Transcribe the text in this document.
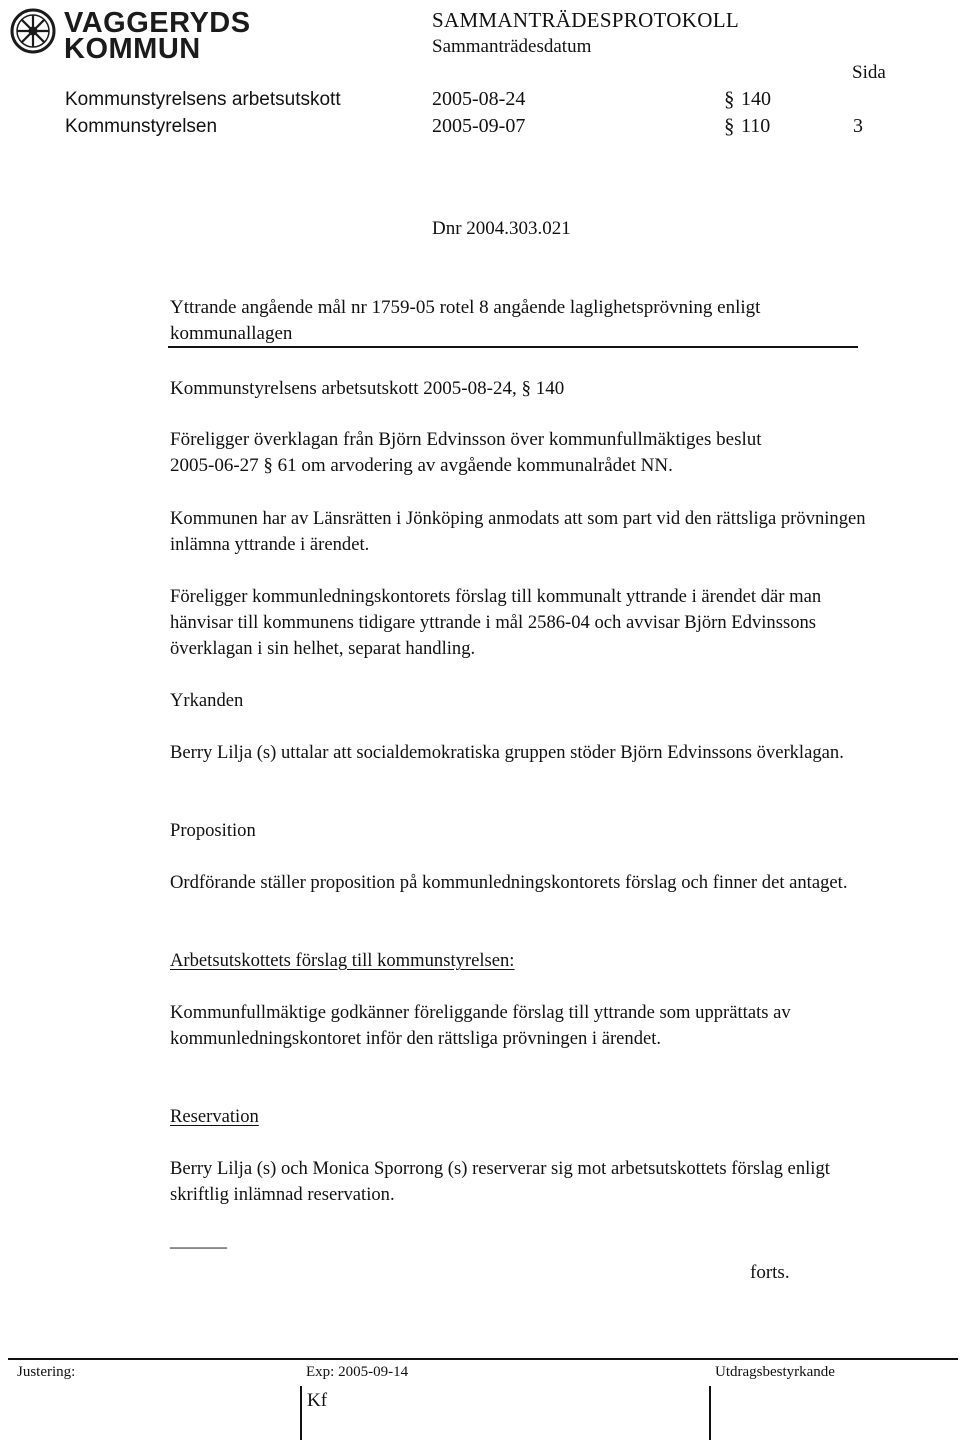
VAGGERYDS
KOMMUN
SAMMANTRÄDESPROTOKOLL
Sammanträdesdatum
Sida
Kommunstyrelsens arbetsutskott	2005-08-24	§ 140
Kommunstyrelsen	2005-09-07	§ 110	3
Dnr 2004.303.021
Yttrande angående mål nr 1759-05 rotel 8 angående laglighetsprövning enligt
kommunallagen
Kommunstyrelsens arbetsutskott 2005-08-24, § 140
Föreligger överklagan från Björn Edvinsson över kommunfullmäktiges beslut
2005-06-27 § 61 om arvodering av avgående kommunalrådet NN.
Kommunen har av Länsrätten i Jönköping anmodats att som part vid den rättsliga prövningen inlämna yttrande i ärendet.
Föreligger kommunledningskontorets förslag till kommunalt yttrande i ärendet där man hänvisar till kommunens tidigare yttrande i mål 2586-04 och avvisar Björn Edvinssons överklagan i sin helhet, separat handling.
Yrkanden
Berry Lilja (s) uttalar att socialdemokratiska gruppen stöder Björn Edvinssons överklagan.
Proposition
Ordförande ställer proposition på kommunledningskontorets förslag och finner det antaget.
Arbetsutskottets förslag till kommunstyrelsen:
Kommunfullmäktige godkänner föreliggande förslag till yttrande som upprättats av kommunledningskontoret inför den rättsliga prövningen i ärendet.
Reservation
Berry Lilja (s) och Monica Sporrong (s) reserverar sig mot arbetsutskottets förslag enligt skriftlig inlämnad reservation.
______
forts.
Justering:	Exp: 2005-09-14	Utdragsbestyrkande
Kf
